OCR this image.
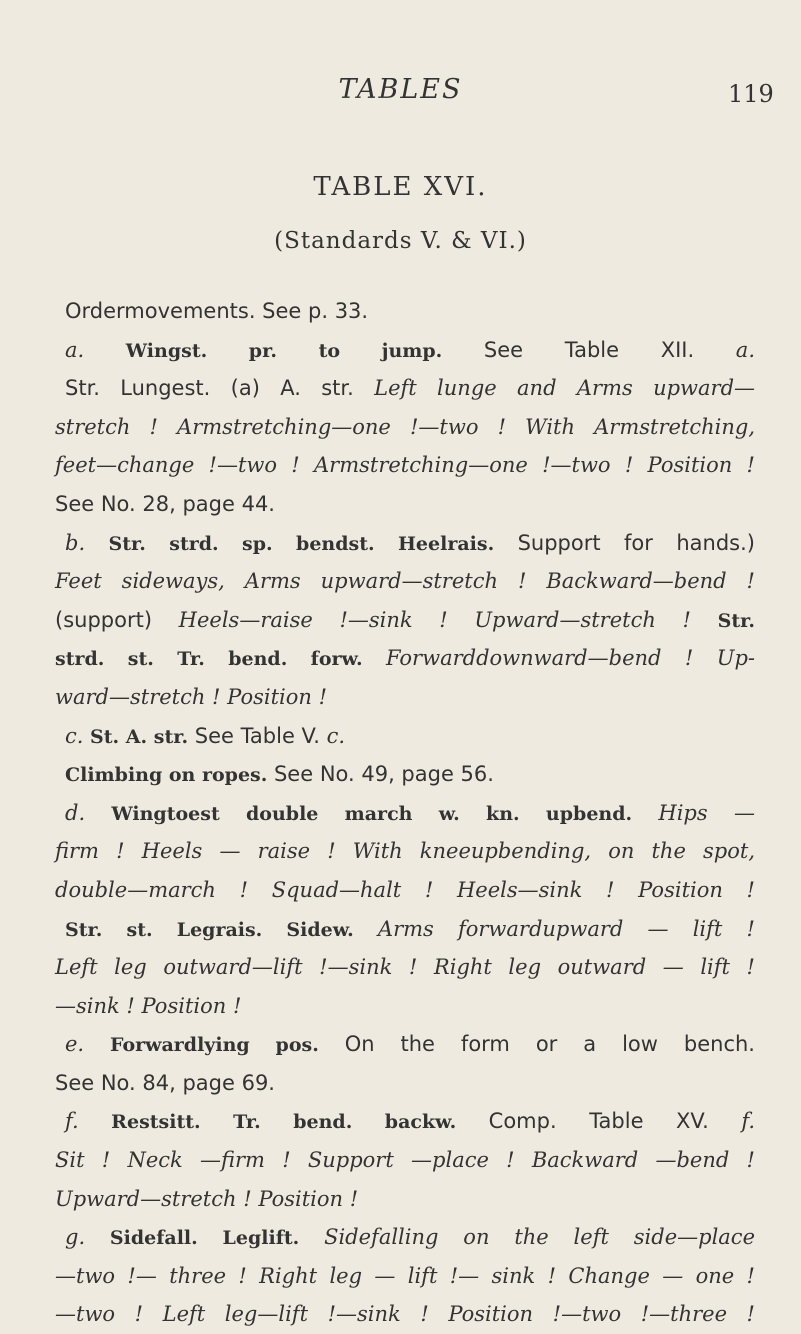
TABLES	119
TABLE XVI.
(Standards V. & VI.)
Ordermovements. See p. 33.
a. Wingst. pr. to jump. See Table XII. a.
Str. Lungest. (a) A. str. Left lunge and Arms upward—
stretch ! Armstretching—one !—two ! With Armstretching,
feet—change !—two ! Armstretching—one !—two ! Position !
See No. 28, page 44.
b. Str. strd. sp. bendst. Heelrais. Support for hands.)
Feet sideways, Arms upward—stretch ! Backward—bend !
(support) Heels—raise !—sink ! Upward—stretch ! Str.
strd. st. Tr. bend. forw. Forwarddownward—bend ! Up-
ward—stretch ! Position !
c. St. A. str. See Table V. c.
Climbing on ropes. See No. 49, page 56.
d. Wingtoest double march w. kn. upbend. Hips —
firm ! Heels — raise ! With kneeupbending, on the spot,
double—march ! Squad—halt ! Heels—sink ! Position !
Str. st. Legrais. Sidew. Arms forwardupward — lift !
Left leg outward—lift !—sink ! Right leg outward — lift !
—sink ! Position !
e. Forwardlying pos. On the form or a low bench.
See No. 84, page 69.
f. Restsitt. Tr. bend. backw. Comp. Table XV. f.
Sit ! Neck —firm ! Support —place ! Backward —bend !
Upward—stretch ! Position !
g. Sidefall. Leglift. Sidefalling on the left side—place
—two !— three ! Right leg — lift !— sink ! Change — one !
—two ! Left leg—lift !—sink ! Position !—two !—three !
